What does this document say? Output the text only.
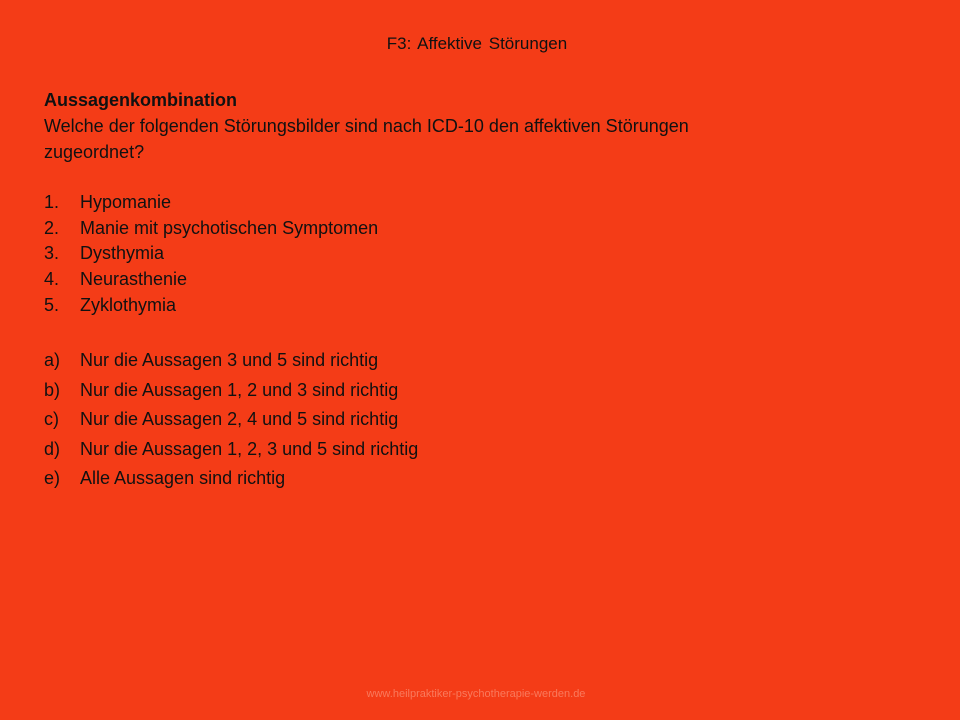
F3: Affektive Störungen

Aussagenkombination

Welche der folgenden Störungsbilder sind nach ICD-10 den affektiven Störungen zugeordnet?

1.	Hypomanie
2.	Manie mit psychotischen Symptomen
3.	Dysthymia
4.	Neurasthenie
5.	Zyklothymia
a)	Nur die Aussagen 3 und 5 sind richtig
b)	Nur die Aussagen 1, 2 und 3 sind richtig
c)	Nur die Aussagen 2, 4 und 5 sind richtig
d)	Nur die Aussagen 1, 2, 3 und 5 sind richtig
e)	Alle Aussagen sind richtig
www.heilpraktiker-psychotherapie-werden.de
